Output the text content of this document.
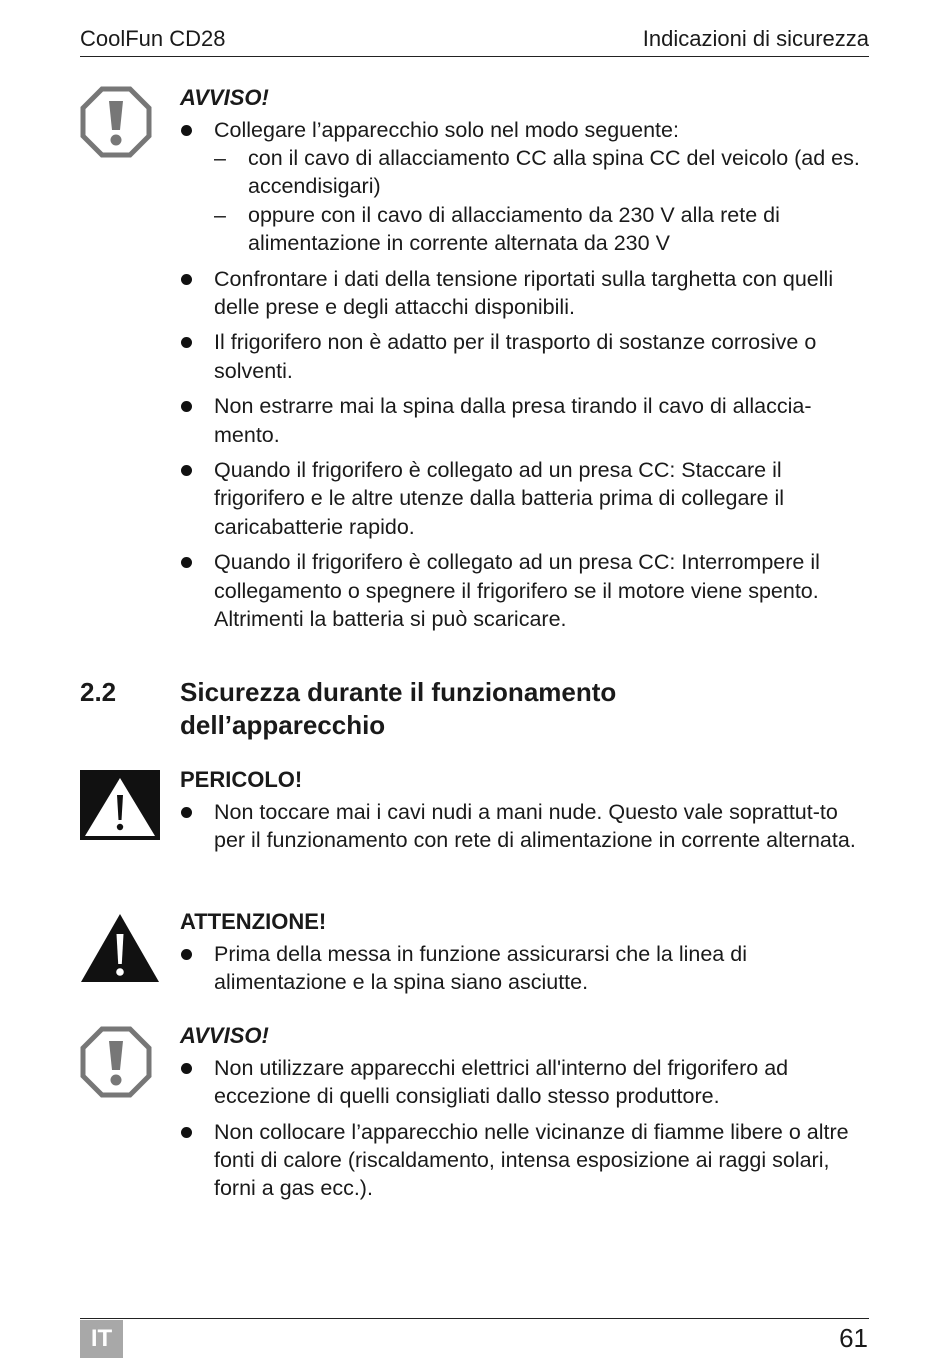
CoolFun CD28	Indicazioni di sicurezza
AVVISO!
Collegare l’apparecchio solo nel modo seguente:
– con il cavo di allacciamento CC alla spina CC del veicolo (ad es. accendisigari)
– oppure con il cavo di allacciamento da 230 V alla rete di alimentazione in corrente alternata da 230 V
Confrontare i dati della tensione riportati sulla targhetta con quelli delle prese e degli attacchi disponibili.
Il frigorifero non è adatto per il trasporto di sostanze corrosive o solventi.
Non estrarre mai la spina dalla presa tirando il cavo di allaccia-mento.
Quando il frigorifero è collegato ad un presa CC: Staccare il frigorifero e le altre utenze dalla batteria prima di collegare il caricabatterie rapido.
Quando il frigorifero è collegato ad un presa CC: Interrompere il collegamento o spegnere il frigorifero se il motore viene spento. Altrimenti la batteria si può scaricare.
2.2 Sicurezza durante il funzionamento dell’apparecchio
PERICOLO!
Non toccare mai i cavi nudi a mani nude. Questo vale soprattut-to per il funzionamento con rete di alimentazione in corrente alternata.
ATTENZIONE!
Prima della messa in funzione assicurarsi che la linea di alimentazione e la spina siano asciutte.
AVVISO!
Non utilizzare apparecchi elettrici all'interno del frigorifero ad eccezione di quelli consigliati dallo stesso produttore.
Non collocare l’apparecchio nelle vicinanze di fiamme libere o altre fonti di calore (riscaldamento, intensa esposizione ai raggi solari, forni a gas ecc.).
IT	61
